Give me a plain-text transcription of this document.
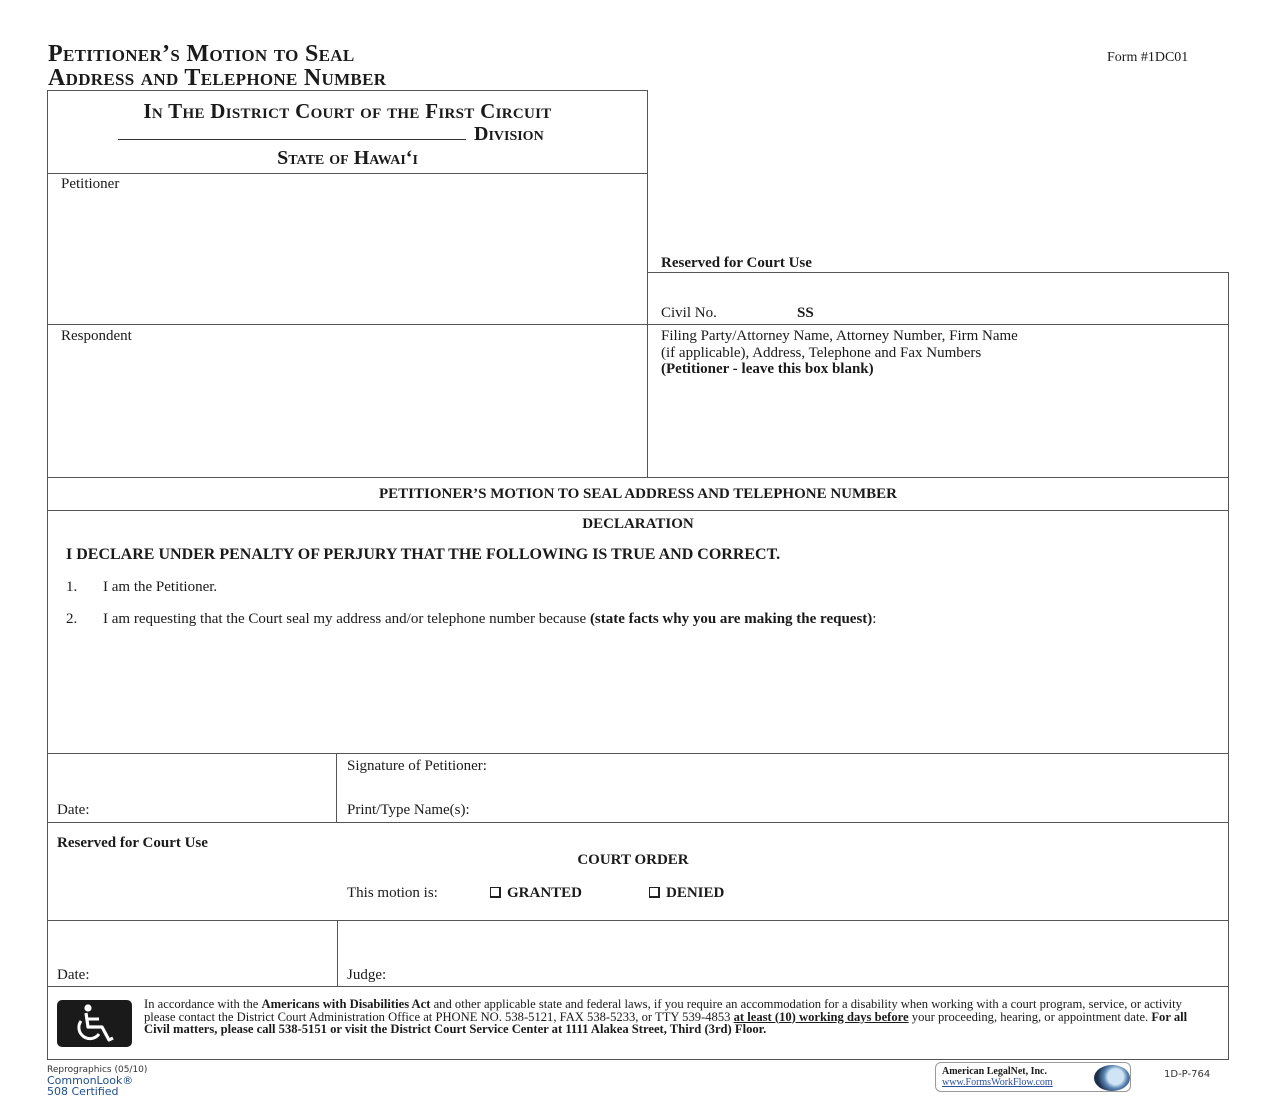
Petitioner’s Motion to Seal
Address and Telephone Number
Form #1DC01
In The District Court of the First Circuit
Division
State of Hawai‘i
Petitioner
Reserved for Court Use
Civil No.	SS
Respondent	Filing Party/Attorney Name, Attorney Number, Firm Name
(if applicable), Address, Telephone and Fax Numbers
(Petitioner - leave this box blank)
PETITIONER’S MOTION TO SEAL ADDRESS AND TELEPHONE NUMBER
DECLARATION
I DECLARE UNDER PENALTY OF PERJURY THAT THE FOLLOWING IS TRUE AND CORRECT.
1. I am the Petitioner.
2. I am requesting that the Court seal my address and/or telephone number because (state facts why you are making the request):
Date:
Signature of Petitioner:
Print/Type Name(s):
Reserved for Court Use
COURT ORDER
This motion is:	GRANTED	DENIED
Date:	Judge:
In accordance with the Americans with Disabilities Act and other applicable state and federal laws, if you require an accommodation for a disability when working with a court program, service, or activity please contact the District Court Administration Office at PHONE NO. 538-5121, FAX 538-5233, or TTY 539-4853 at least (10) working days before your proceeding, hearing, or appointment date. For all Civil matters, please call 538-5151 or visit the District Court Service Center at 1111 Alakea Street, Third (3rd) Floor.
Reprographics (05/10)
CommonLook®
508 Certified
American LegalNet, Inc.
www.FormsWorkFlow.com
1D-P-764
